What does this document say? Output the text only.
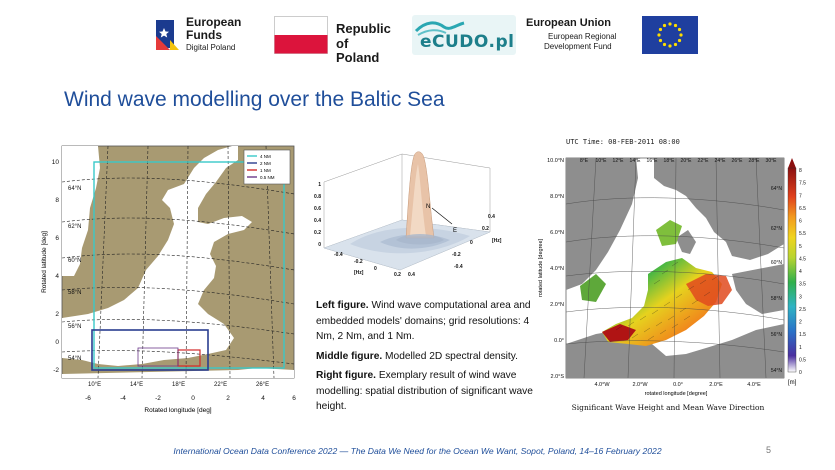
European
Funds
Digital Poland
Republic
of Poland
eCUDO.pl
European Union
European Regional
Development Fund
Wind wave modelling over the Baltic Sea
4 NM
2 NM
1 NM
0.5 NM
64°N
62°N
60°N
58°N
56°N
54°N
10°E	14°E	18°E	22°E	26°E
10
8
6
4
2
0
-2
-6	-4	-2	0	2	4	6
Rotated longitude [deg]
Rotated latitude [deg]
N
E
1
0.8
0.6
0.4
0.2
0
-0.4
-0.2
0
0.2 0.4
[Hz]
0.4
0.2
0
-0.2
-0.4
[Hz]
Left figure. Wind wave computational area and embedded models' domains; grid resolutions: 4 Nm, 2 Nm, and 1 Nm.
Middle figure. Modelled 2D spectral density.
Right figure. Exemplary result of wind wave modelling: spatial distribution of significant wave height.
UTC Time: 08-FEB-2011 08:00
8°E 10°E 12°E 14°E 16°E 18°E 20°E 22°E 24°E 26°E 28°E 30°E
64°N
62°N
60°N
58°N
56°N
54°N
10.0°N
8.0°N
6.0°N
4.0°N
2.0°N
0.0°
2.0°S
4.0°W	2.0°W	0.0°	2.0°E	4.0°E
rotated longitude [degree]
rotated latitude [degree]
8
7.5
7
6.5
6
5.5
5
4.5
4
3.5
3
2.5
2
1.5
1
0.5
0
[m]
Significant Wave Height and Mean Wave Direction
International Ocean Data Conference 2022 — The Data We Need for the Ocean We Want, Sopot, Poland, 14–16 February 2022	5
